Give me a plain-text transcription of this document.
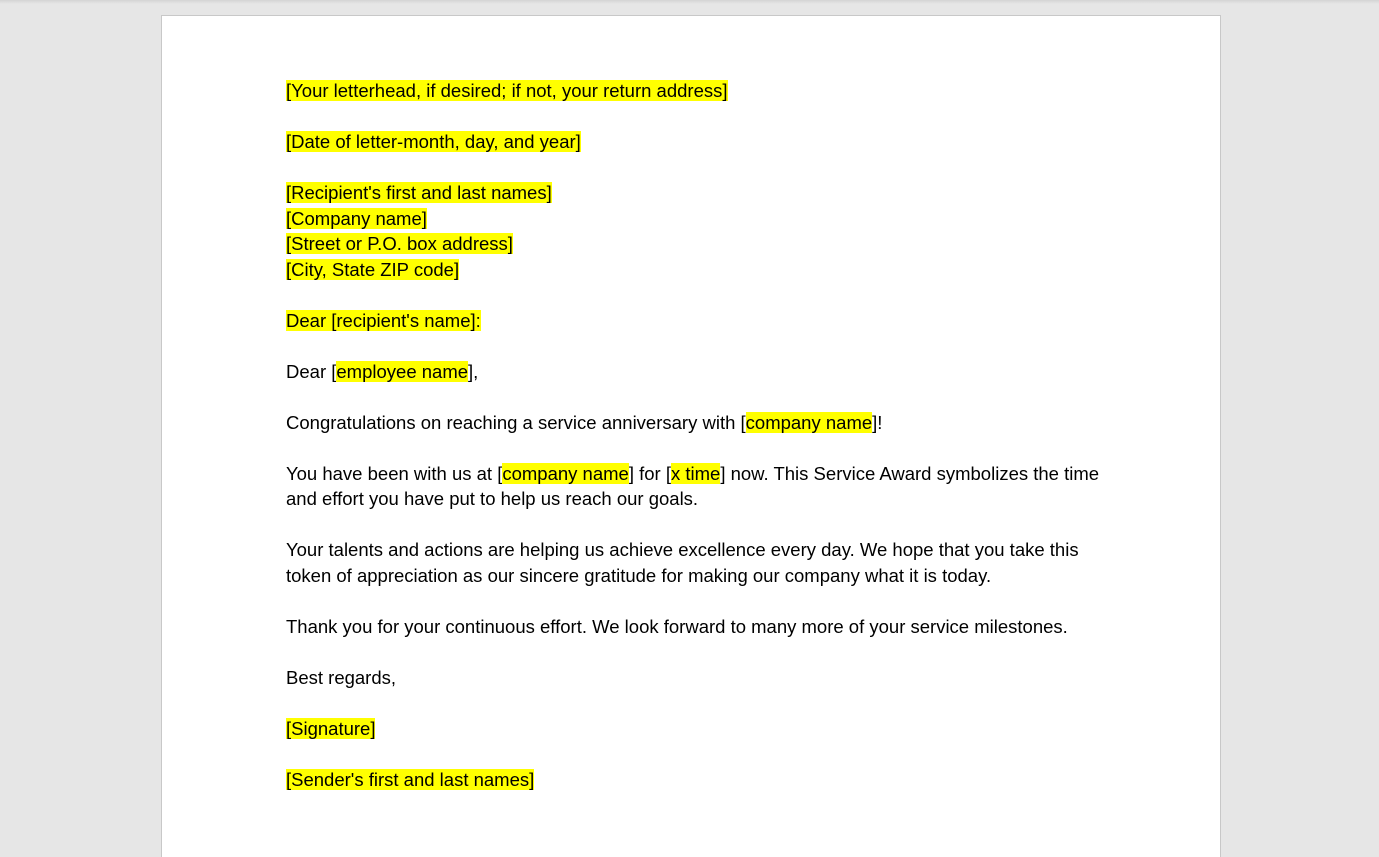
[Your letterhead, if desired; if not, your return address]

[Date of letter-month, day, and year]

[Recipient's first and last names]
[Company name]
[Street or P.O. box address]
[City, State ZIP code]

Dear [recipient's name]:

Dear [employee name],

Congratulations on reaching a service anniversary with [company name]!

You have been with us at [company name] for [x time] now. This Service Award symbolizes the time and effort you have put to help us reach our goals.

Your talents and actions are helping us achieve excellence every day. We hope that you take this token of appreciation as our sincere gratitude for making our company what it is today.

Thank you for your continuous effort. We look forward to many more of your service milestones.

Best regards,

[Signature]

[Sender's first and last names]
